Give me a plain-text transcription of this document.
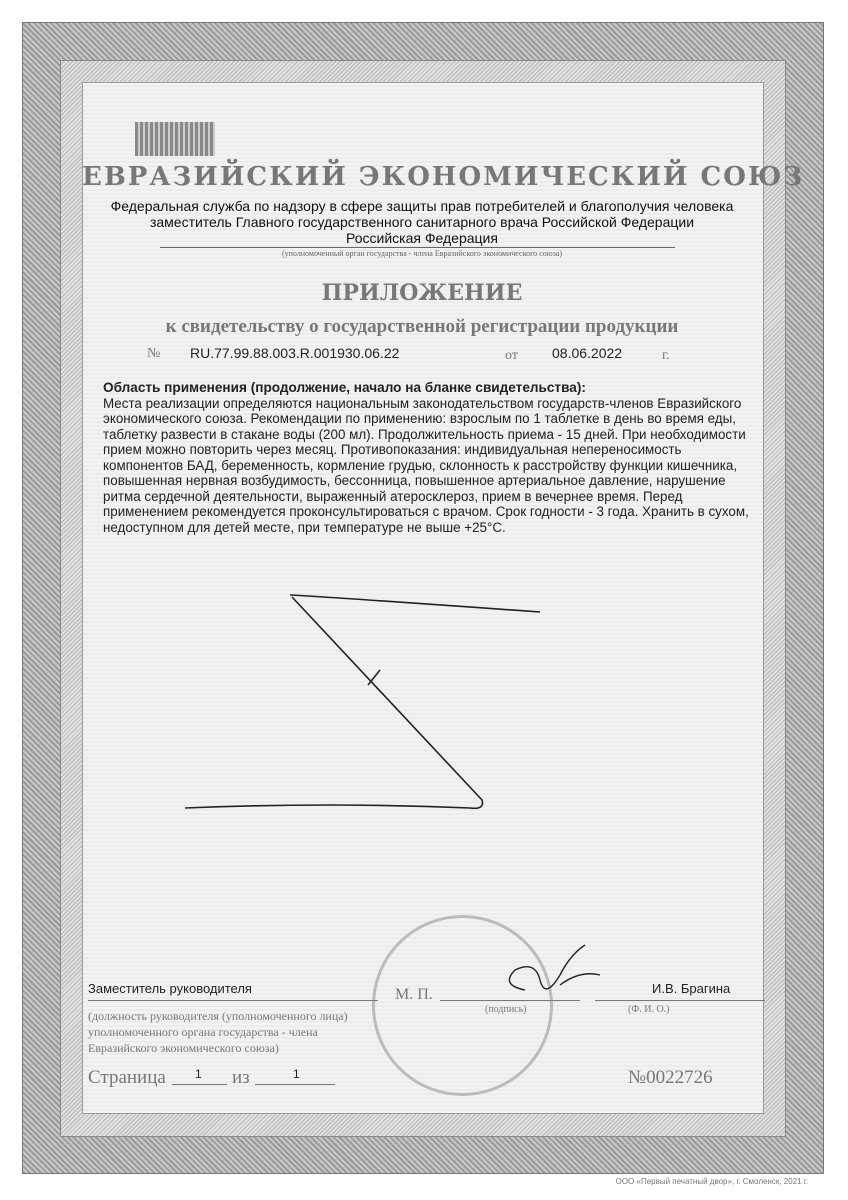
ЕВРАЗИЙСКИЙ ЭКОНОМИЧЕСКИЙ СОЮЗ
Федеральная служба по надзору в сфере защиты прав потребителей и благополучия человека
заместитель Главного государственного санитарного врача Российской Федерации
Российская Федерация
(уполномоченный орган государства - члена Евразийского экономического союза)
ПРИЛОЖЕНИЕ
к свидетельству о государственной регистрации продукции
№ RU.77.99.88.003.R.001930.06.22	от 08.06.2022	г.
Область применения (продолжение, начало на бланке свидетельства):
Места реализации определяются национальным законодательством государств-членов Евразийского экономического союза. Рекомендации по применению: взрослым по 1 таблетке в день во время еды, таблетку развести в стакане воды (200 мл). Продолжительность приема - 15 дней. При необходимости прием можно повторить через месяц. Противопоказания: индивидуальная непереносимость компонентов БАД, беременность, кормление грудью, склонность к расстройству функции кишечника, повышенная нервная возбудимость, бессонница, повышенное артериальное давление, нарушение ритма сердечной деятельности, выраженный атеросклероз, прием в вечернее время. Перед применением рекомендуется проконсультироваться с врачом. Срок годности - 3 года. Хранить в сухом, недоступном для детей месте, при температуре не выше +25°С.
М. П.
Заместитель руководителя	И.В. Брагина
(подпись)	(Ф. И. О.)
(должность руководителя (уполномоченного лица) уполномоченного органа государства - члена Евразийского экономического союза)
Страница 1 из	1	№0022726
ООО «Первый печатный двор», г. Смоленск, 2021 г.
